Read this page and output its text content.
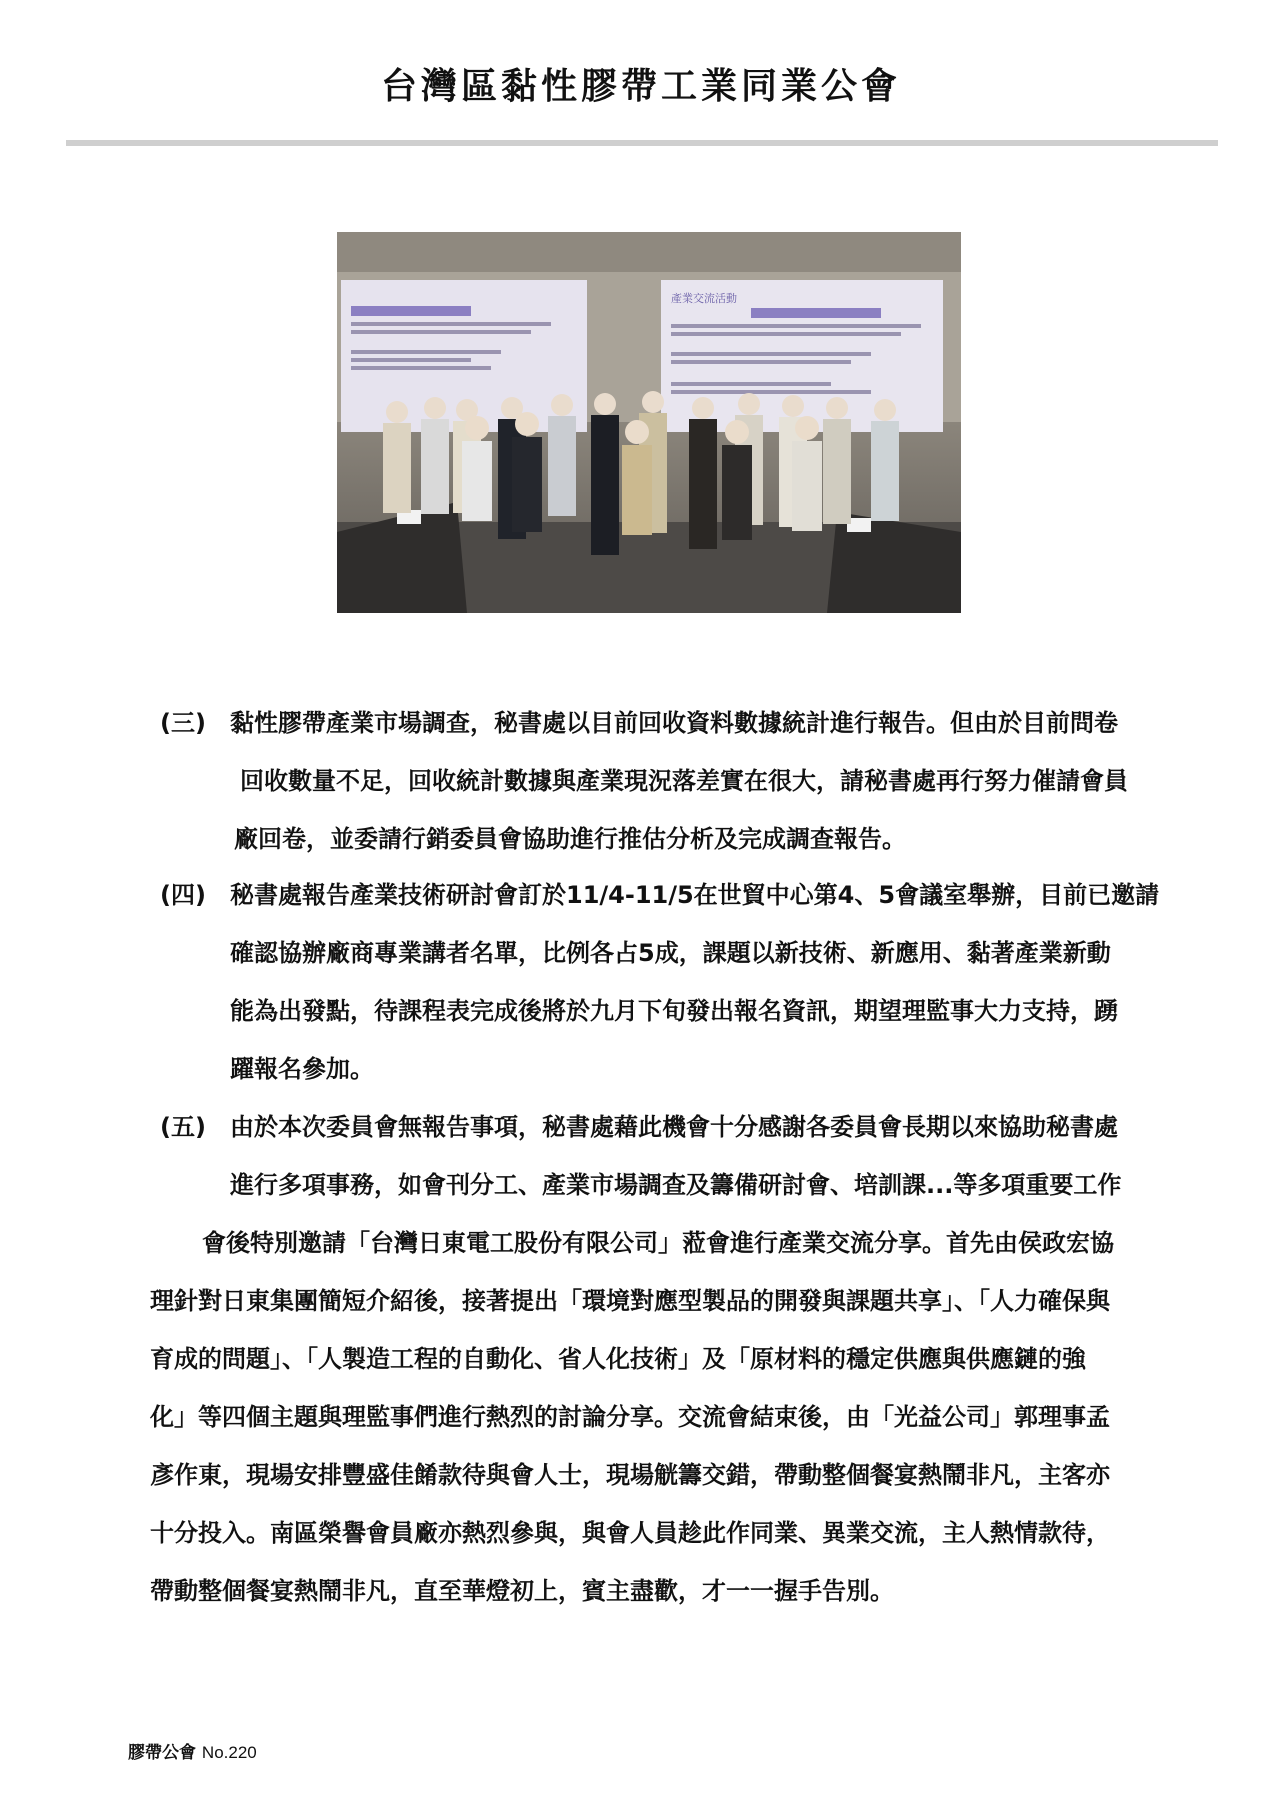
台灣區黏性膠帶工業同業公會
產業交流活動
(三) 黏性膠帶產業市場調查，秘書處以目前回收資料數據統計進行報告。但由於目前問卷
回收數量不足，回收統計數據與產業現況落差實在很大，請秘書處再行努力催請會員
廠回卷，並委請行銷委員會協助進行推估分析及完成調查報告。
(四) 秘書處報告產業技術研討會訂於11/4-11/5在世貿中心第4、5會議室舉辦，目前已邀請
確認協辦廠商專業講者名單，比例各占5成，課題以新技術、新應用、黏著產業新動
能為出發點，待課程表完成後將於九月下旬發出報名資訊，期望理監事大力支持，踴
躍報名參加。
(五) 由於本次委員會無報告事項，秘書處藉此機會十分感謝各委員會長期以來協助秘書處
進行多項事務，如會刊分工、產業市場調查及籌備研討會、培訓課...等多項重要工作
會後特別邀請「台灣日東電工股份有限公司」蒞會進行產業交流分享。首先由侯政宏協
理針對日東集團簡短介紹後，接著提出「環境對應型製品的開發與課題共享」、「人力確保與
育成的問題」、「人製造工程的自動化、省人化技術」及「原材料的穩定供應與供應鏈的強
化」等四個主題與理監事們進行熱烈的討論分享。交流會結束後，由「光益公司」郭理事孟
彥作東，現場安排豐盛佳餚款待與會人士，現場觥籌交錯，帶動整個餐宴熱鬧非凡，主客亦
十分投入。南區榮譽會員廠亦熱烈參與，與會人員趁此作同業、異業交流，主人熱情款待，
帶動整個餐宴熱鬧非凡，直至華燈初上，賓主盡歡，才一一握手告別。
膠帶公會 No.220
